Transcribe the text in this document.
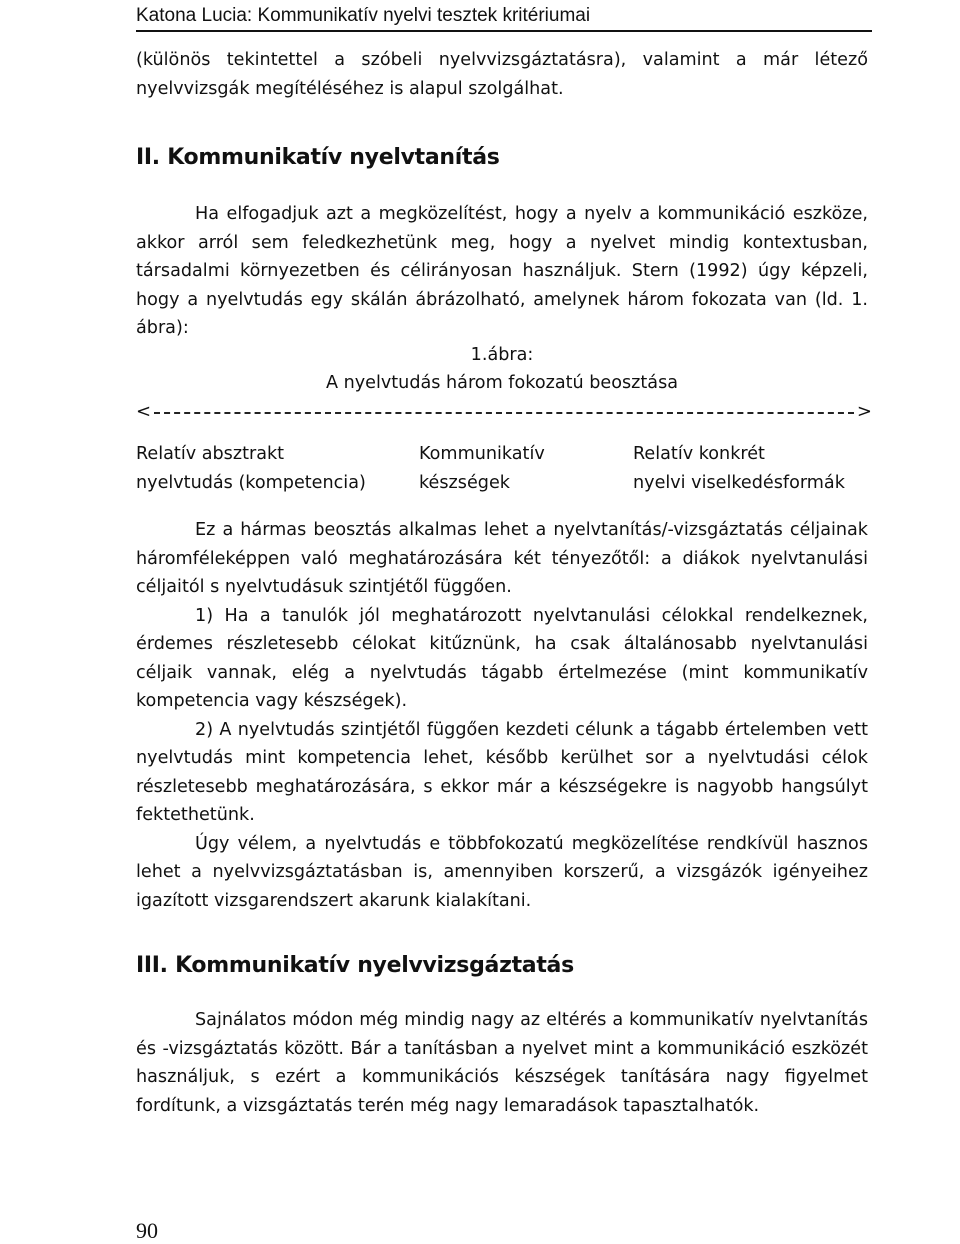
Katona Lucia: Kommunikatív nyelvi tesztek kritériumai

(különös tekintettel a szóbeli nyelvvizsgáztatásra), valamint a már létező nyelvvizsgák megítéléséhez is alapul szolgálhat.

II. Kommunikatív nyelvtanítás

Ha elfogadjuk azt a megközelítést, hogy a nyelv a kommunikáció eszköze, akkor arról sem feledkezhetünk meg, hogy a nyelvet mindig kontextusban, társadalmi környezetben és célirányosan használjuk. Stern (1992) úgy képzeli, hogy a nyelvtudás egy skálán ábrázolható, amelynek három fokozata van (ld. 1. ábra):

1.ábra:
A nyelvtudás három fokozatú beosztása
<	>
Relatív absztrakt
nyelvtudás (kompetencia)
Kommunikatív
készségek
Relatív konkrét
nyelvi viselkedésformák

Ez a hármas beosztás alkalmas lehet a nyelvtanítás/-vizsgáztatás céljainak háromféleképpen való meghatározására két tényezőtől: a diákok nyelvtanulási céljaitól s nyelvtudásuk szintjétől függően.

1) Ha a tanulók jól meghatározott nyelvtanulási célokkal rendelkeznek, érdemes részletesebb célokat kitűznünk, ha csak általánosabb nyelvtanulási céljaik vannak, elég a nyelvtudás tágabb értelmezése (mint kommunikatív kompetencia vagy készségek).

2) A nyelvtudás szintjétől függően kezdeti célunk a tágabb értelemben vett nyelvtudás mint kompetencia lehet, később kerülhet sor a nyelvtudási célok részletesebb meghatározására, s ekkor már a készségekre is nagyobb hangsúlyt fektethetünk.

Úgy vélem, a nyelvtudás e többfokozatú megközelítése rendkívül hasznos lehet a nyelvvizsgáztatásban is, amennyiben korszerű, a vizsgázók igényeihez igazított vizsgarendszert akarunk kialakítani.

III. Kommunikatív nyelvvizsgáztatás

Sajnálatos módon még mindig nagy az eltérés a kommunikatív nyelvtanítás és -vizsgáztatás között. Bár a tanításban a nyelvet mint a kommunikáció eszközét használjuk, s ezért a kommunikációs készségek tanítására nagy figyelmet fordítunk, a vizsgáztatás terén még nagy lemaradások tapasztalhatók.

90
